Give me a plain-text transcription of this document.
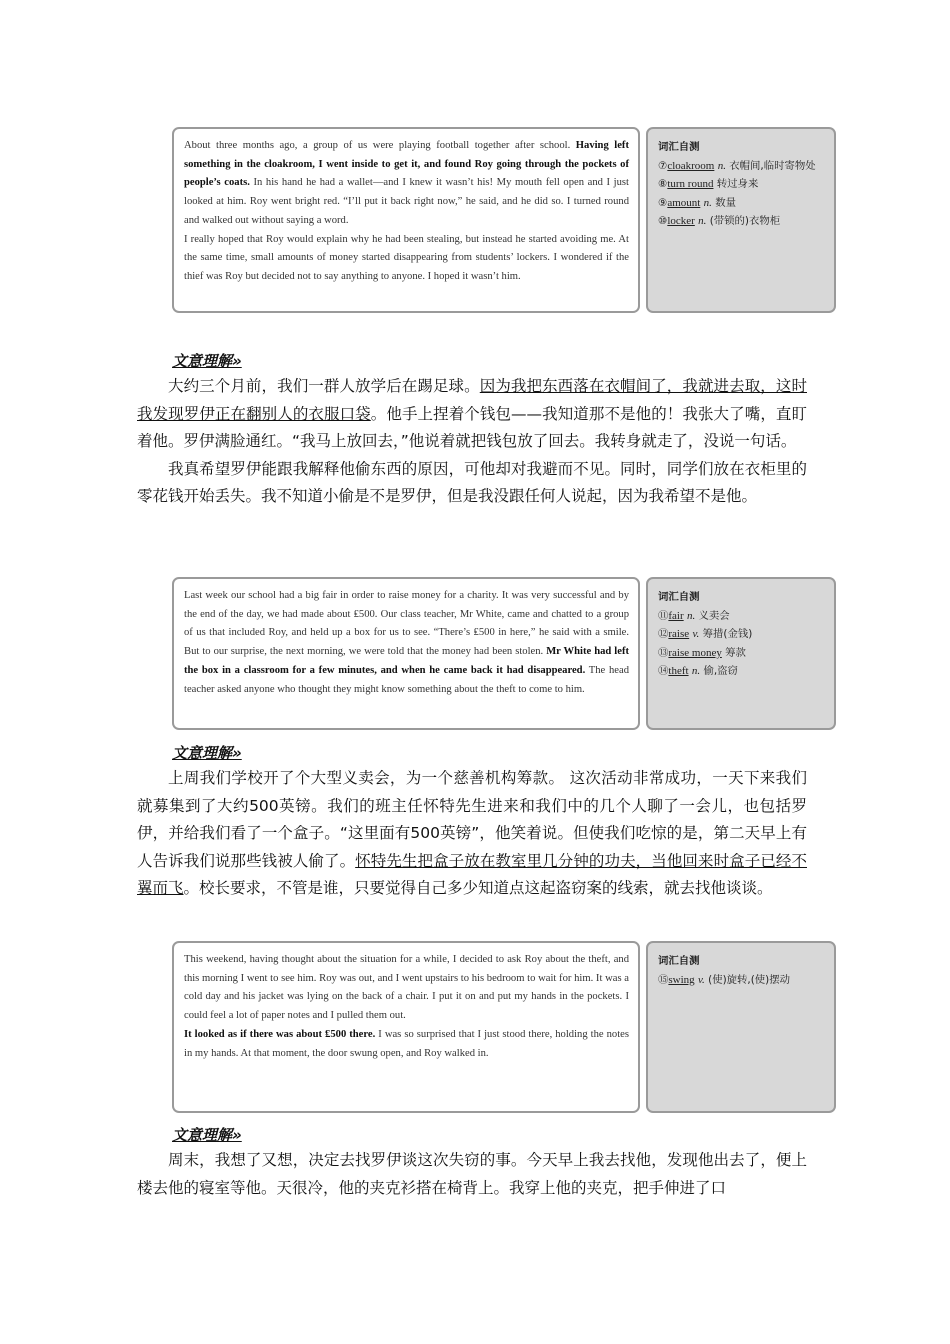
About three months ago, a group of us were playing football together after school. Having left something in the cloakroom, I went inside to get it, and found Roy going through the pockets of people’s coats. In his hand he had a wallet—and I knew it wasn’t his! My mouth fell open and I just looked at him. Roy went bright red. “I’ll put it back right now,” he said, and he did so. I turned round and walked out without saying a word.

I really hoped that Roy would explain why he had been stealing, but instead he started avoiding me. At the same time, small amounts of money started disappearing from students’ lockers. I wondered if the thief was Roy but decided not to say anything to anyone. I hoped it wasn’t him.

词汇自测
⑦cloakroom n. 衣帽间,临时寄物处
⑧turn round 转过身来
⑨amount n. 数量
⑩locker n. (带锁的)衣物柜
文意理解»

大约三个月前，我们一群人放学后在踢足球。因为我把东西落在衣帽间了，我就进去取，这时我发现罗伊正在翻别人的衣服口袋。他手上捏着个钱包——我知道那不是他的！我张大了嘴，直盯着他。罗伊满脸通红。“我马上放回去，”他说着就把钱包放了回去。我转身就走了，没说一句话。

我真希望罗伊能跟我解释他偷东西的原因，可他却对我避而不见。同时，同学们放在衣柜里的零花钱开始丢失。我不知道小偷是不是罗伊，但是我没跟任何人说起，因为我希望不是他。

Last week our school had a big fair in order to raise money for a charity. It was very successful and by the end of the day, we had made about ₤500. Our class teacher, Mr White, came and chatted to a group of us that included Roy, and held up a box for us to see. “There’s ₤500 in here,” he said with a smile. But to our surprise, the next morning, we were told that the money had been stolen. Mr White had left the box in a classroom for a few minutes, and when he came back it had disappeared. The head teacher asked anyone who thought they might know something about the theft to come to him.

词汇自测
⑪fair n. 义卖会
⑫raise v. 筹措(金钱)
⑬raise money 筹款
⑭theft n. 偷,盗窃
文意理解»

上周我们学校开了个大型义卖会，为一个慈善机构筹款。 这次活动非常成功，一天下来我们就募集到了大约500英镑。我们的班主任怀特先生进来和我们中的几个人聊了一会儿，也包括罗伊，并给我们看了一个盒子。“这里面有500英镑”，他笑着说。但使我们吃惊的是，第二天早上有人告诉我们说那些钱被人偷了。怀特先生把盒子放在教室里几分钟的功夫，当他回来时盒子已经不翼而飞。校长要求，不管是谁，只要觉得自己多少知道点这起盗窃案的线索，就去找他谈谈。

This weekend, having thought about the situation for a while, I decided to ask Roy about the theft, and this morning I went to see him. Roy was out, and I went upstairs to his bedroom to wait for him. It was a cold day and his jacket was lying on the back of a chair. I put it on and put my hands in the pockets. I could feel a lot of paper notes and I pulled them out.

It looked as if there was about ₤500 there. I was so surprised that I just stood there, holding the notes in my hands. At that moment, the door swung open, and Roy walked in.

词汇自测
⑮swing v. (使)旋转,(使)摆动
文意理解»

周末，我想了又想，决定去找罗伊谈这次失窃的事。今天早上我去找他，发现他出去了，便上楼去他的寝室等他。天很冷，他的夹克衫搭在椅背上。我穿上他的夹克，把手伸进了口
